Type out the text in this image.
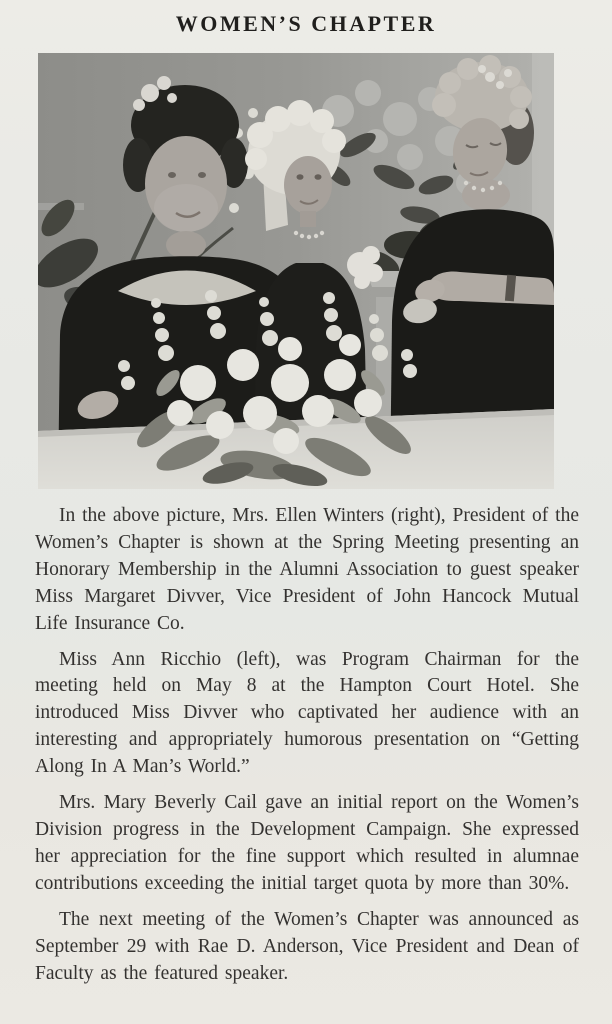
WOMEN’S CHAPTER

In the above picture, Mrs. Ellen Winters (right), President of the Women’s Chapter is shown at the Spring Meeting presenting an Honorary Membership in the Alumni Association to guest speaker Miss Margaret Divver, Vice President of John Hancock Mutual Life Insurance Co.

Miss Ann Ricchio (left), was Program Chairman for the meeting held on May 8 at the Hampton Court Hotel. She introduced Miss Divver who captivated her audience with an interesting and appropriately humorous presentation on “Getting Along In A Man’s World.”

Mrs. Mary Beverly Cail gave an initial report on the Women’s Division progress in the Development Campaign. She expressed her appreciation for the fine support which resulted in alumnae contributions exceeding the initial target quota by more than 30%.

The next meeting of the Women’s Chapter was announced as September 29 with Rae D. Anderson, Vice President and Dean of Faculty as the featured speaker.
